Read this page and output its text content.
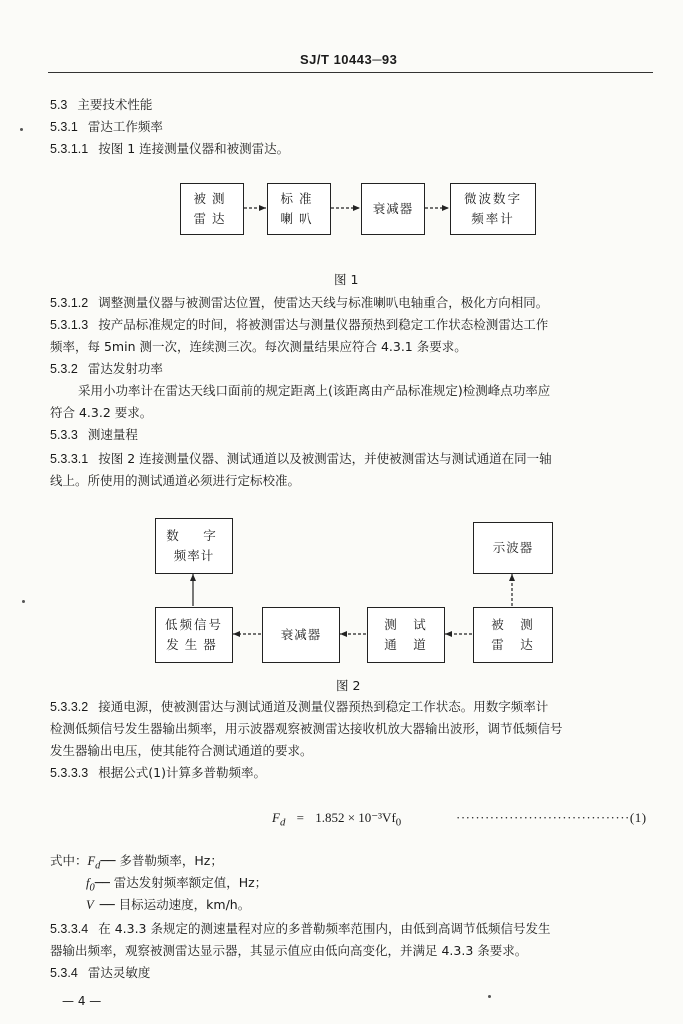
SJ/T 10443─93
5.3 主要技术性能
5.3.1 雷达工作频率
5.3.1.1 按图 1 连接测量仪器和被测雷达。
被测
雷达
标准
喇叭
衰减器
微波数字
频率计
图 1
5.3.1.2 调整测量仪器与被测雷达位置，使雷达天线与标准喇叭电轴重合，极化方向相同。
5.3.1.3 按产品标准规定的时间，将被测雷达与测量仪器预热到稳定工作状态检测雷达工作
频率，每 5min 测一次，连续测三次。每次测量结果应符合 4.3.1 条要求。
5.3.2 雷达发射功率
采用小功率计在雷达天线口面前的规定距离上(该距离由产品标准规定)检测峰点功率应
符合 4.3.2 要求。
5.3.3 测速量程
5.3.3.1 按图 2 连接测量仪器、测试通道以及被测雷达，并使被测雷达与测试通道在同一轴
线上。所使用的测试通道必须进行定标校准。
数　字
频率计
示波器
低频信号
发生器
衰减器
测　试
通　道
被　测
雷　达
图 2
5.3.3.2 接通电源，使被测雷达与测试通道及测量仪器预热到稳定工作状态。用数字频率计
检测低频信号发生器输出频率，用示波器观察被测雷达接收机放大器输出波形，调节低频信号
发生器输出电压，使其能符合测试通道的要求。
5.3.3.3 根据公式(1)计算多普勒频率。
$F_d = 1.852 \times 10^{-3}Vf_0$	····································(1)
式中：$F_d──$ 多普勒频率，Hz；
$f_0──$ 雷达发射频率额定值，Hz；
V ── 目标运动速度，km/h。
5.3.3.4 在 4.3.3 条规定的测速量程对应的多普勒频率范围内，由低到高调节低频信号发生
器输出频率，观察被测雷达显示器，其显示值应由低向高变化，并满足 4.3.3 条要求。
5.3.4 雷达灵敏度
— 4 —
